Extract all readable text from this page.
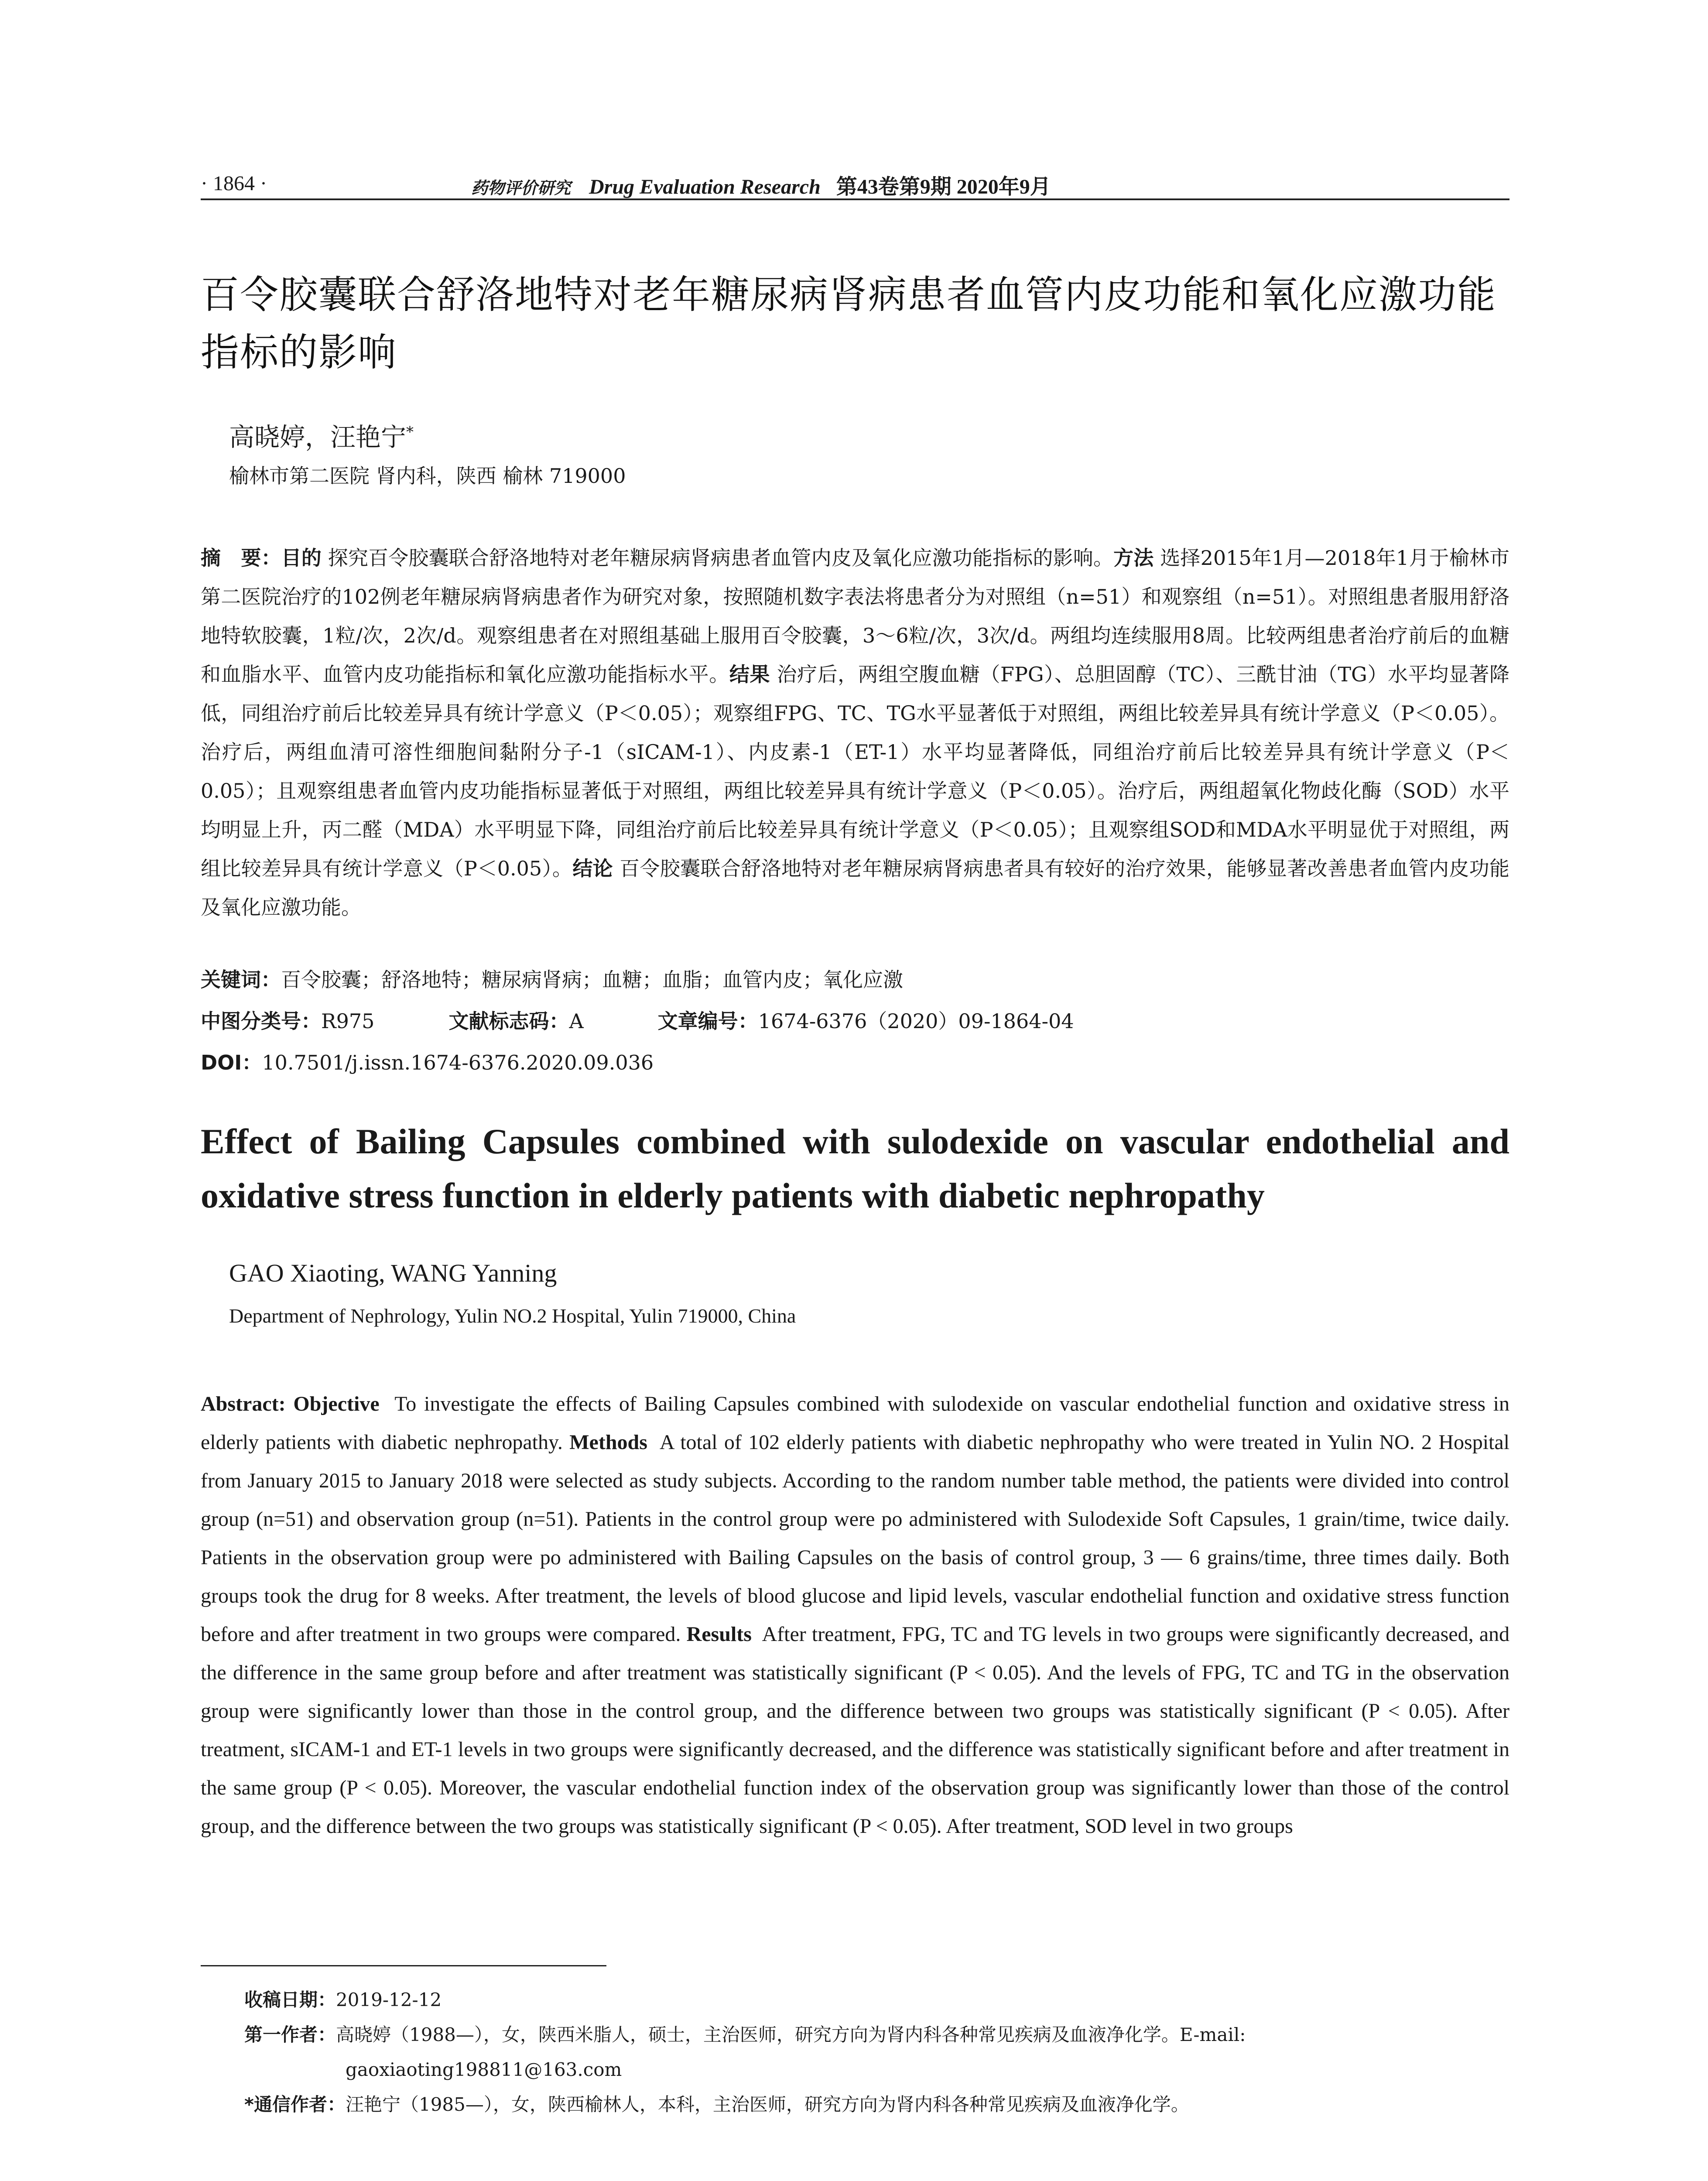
· 1864 ·	药物评价研究 Drug Evaluation Research 第43卷第9期 2020年9月
百令胶囊联合舒洛地特对老年糖尿病肾病患者血管内皮功能和氧化应激功能指标的影响
高晓婷，汪艳宁*
榆林市第二医院 肾内科，陕西 榆林 719000
摘　要：目的 探究百令胶囊联合舒洛地特对老年糖尿病肾病患者血管内皮及氧化应激功能指标的影响。方法 选择2015年1月—2018年1月于榆林市第二医院治疗的102例老年糖尿病肾病患者作为研究对象，按照随机数字表法将患者分为对照组（n=51）和观察组（n=51）。对照组患者服用舒洛地特软胶囊，1粒/次，2次/d。观察组患者在对照组基础上服用百令胶囊，3～6粒/次，3次/d。两组均连续服用8周。比较两组患者治疗前后的血糖和血脂水平、血管内皮功能指标和氧化应激功能指标水平。结果 治疗后，两组空腹血糖（FPG）、总胆固醇（TC）、三酰甘油（TG）水平均显著降低，同组治疗前后比较差异具有统计学意义（P＜0.05）；观察组FPG、TC、TG水平显著低于对照组，两组比较差异具有统计学意义（P＜0.05）。治疗后，两组血清可溶性细胞间黏附分子-1（sICAM-1）、内皮素-1（ET-1）水平均显著降低，同组治疗前后比较差异具有统计学意义（P＜0.05）；且观察组患者血管内皮功能指标显著低于对照组，两组比较差异具有统计学意义（P＜0.05）。治疗后，两组超氧化物歧化酶（SOD）水平均明显上升，丙二醛（MDA）水平明显下降，同组治疗前后比较差异具有统计学意义（P＜0.05）；且观察组SOD和MDA水平明显优于对照组，两组比较差异具有统计学意义（P＜0.05）。结论 百令胶囊联合舒洛地特对老年糖尿病肾病患者具有较好的治疗效果，能够显著改善患者血管内皮功能及氧化应激功能。
关键词：百令胶囊；舒洛地特；糖尿病肾病；血糖；血脂；血管内皮；氧化应激
中图分类号：R975	文献标志码：A	文章编号：1674-6376（2020）09-1864-04
DOI：10.7501/j.issn.1674-6376.2020.09.036
Effect of Bailing Capsules combined with sulodexide on vascular endothelial and oxidative stress function in elderly patients with diabetic nephropathy
GAO Xiaoting, WANG Yanning
Department of Nephrology, Yulin NO.2 Hospital, Yulin 719000, China
Abstract: Objective To investigate the effects of Bailing Capsules combined with sulodexide on vascular endothelial function and oxidative stress in elderly patients with diabetic nephropathy. Methods A total of 102 elderly patients with diabetic nephropathy who were treated in Yulin NO. 2 Hospital from January 2015 to January 2018 were selected as study subjects. According to the random number table method, the patients were divided into control group (n=51) and observation group (n=51). Patients in the control group were po administered with Sulodexide Soft Capsules, 1 grain/time, twice daily. Patients in the observation group were po administered with Bailing Capsules on the basis of control group, 3 — 6 grains/time, three times daily. Both groups took the drug for 8 weeks. After treatment, the levels of blood glucose and lipid levels, vascular endothelial function and oxidative stress function before and after treatment in two groups were compared. Results After treatment, FPG, TC and TG levels in two groups were significantly decreased, and the difference in the same group before and after treatment was statistically significant (P < 0.05). And the levels of FPG, TC and TG in the observation group were significantly lower than those in the control group, and the difference between two groups was statistically significant (P < 0.05). After treatment, sICAM-1 and ET-1 levels in two groups were significantly decreased, and the difference was statistically significant before and after treatment in the same group (P < 0.05). Moreover, the vascular endothelial function index of the observation group was significantly lower than those of the control group, and the difference between the two groups was statistically significant (P < 0.05). After treatment, SOD level in two groups
收稿日期：2019-12-12
第一作者：高晓婷（1988—），女，陕西米脂人，硕士，主治医师，研究方向为肾内科各种常见疾病及血液净化学。E-mail:
gaoxiaoting198811@163.com
*通信作者：汪艳宁（1985—），女，陕西榆林人，本科，主治医师，研究方向为肾内科各种常见疾病及血液净化学。
